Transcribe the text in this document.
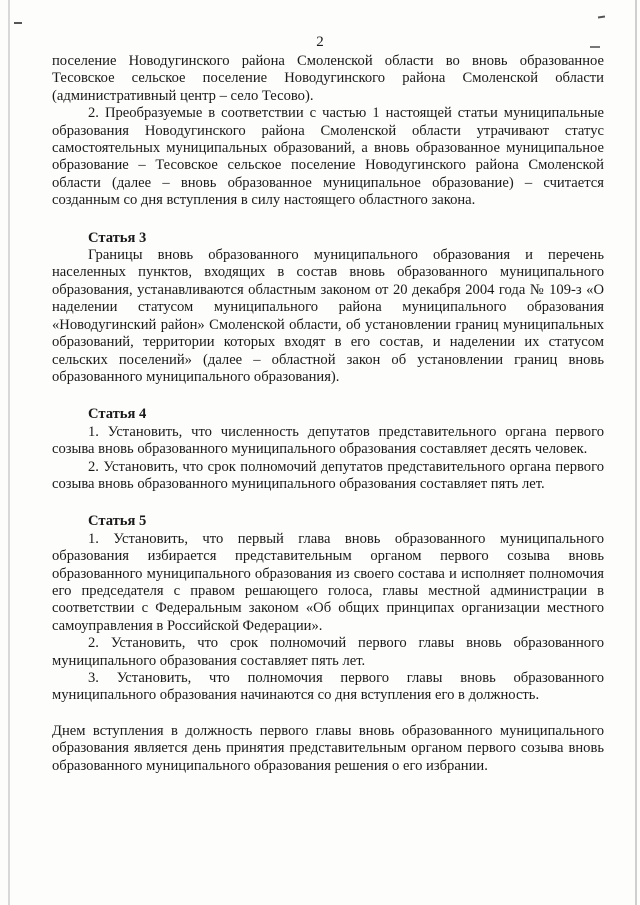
2

поселение Новодугинского района Смоленской области во вновь образованное Тесовское сельское поселение Новодугинского района Смоленской области (административный центр – село Тесово).

2. Преобразуемые в соответствии с частью 1 настоящей статьи муниципальные образования Новодугинского района Смоленской области утрачивают статус самостоятельных муниципальных образований, а вновь образованное муниципальное образование – Тесовское сельское поселение Новодугинского района Смоленской области (далее – вновь образованное муниципальное образование) – считается созданным со дня вступления в силу настоящего областного закона.

Статья 3

Границы вновь образованного муниципального образования и перечень населенных пунктов, входящих в состав вновь образованного муниципального образования, устанавливаются областным законом от 20 декабря 2004 года № 109-з «О наделении статусом муниципального района муниципального образования «Новодугинский район» Смоленской области, об установлении границ муниципальных образований, территории которых входят в его состав, и наделении их статусом сельских поселений» (далее – областной закон об установлении границ вновь образованного муниципального образования).

Статья 4

1. Установить, что численность депутатов представительного органа первого созыва вновь образованного муниципального образования составляет десять человек.

2. Установить, что срок полномочий депутатов представительного органа первого созыва вновь образованного муниципального образования составляет пять лет.

Статья 5

1. Установить, что первый глава вновь образованного муниципального образования избирается представительным органом первого созыва вновь образованного муниципального образования из своего состава и исполняет полномочия его председателя с правом решающего голоса, главы местной администрации в соответствии с Федеральным законом «Об общих принципах организации местного самоуправления в Российской Федерации».

2. Установить, что срок полномочий первого главы вновь образованного муниципального образования составляет пять лет.

3. Установить, что полномочия первого главы вновь образованного муниципального образования начинаются со дня вступления его в должность.

Днем вступления в должность первого главы вновь образованного муниципального образования является день принятия представительным органом первого созыва вновь образованного муниципального образования решения о его избрании.
